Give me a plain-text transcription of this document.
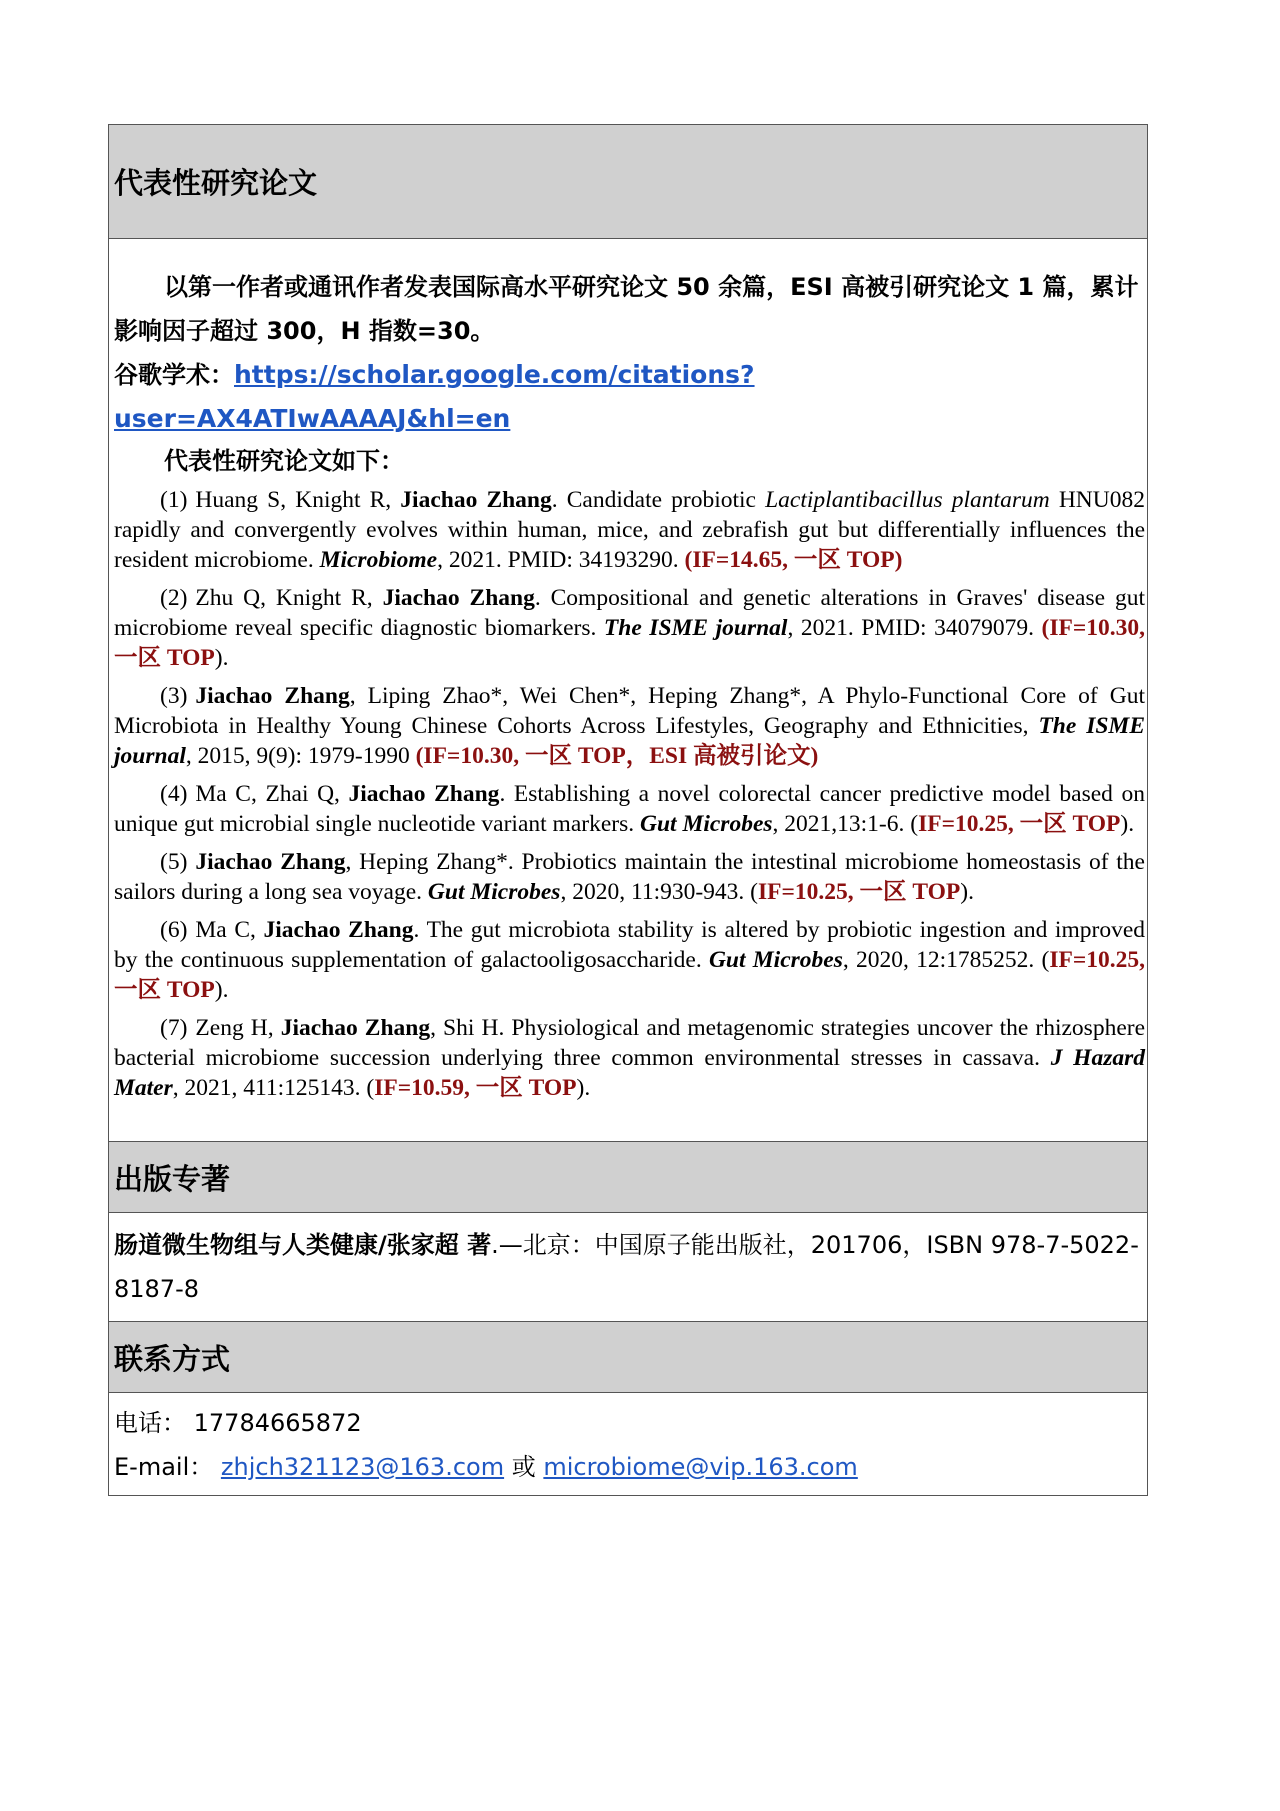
代表性研究论文

以第一作者或通讯作者发表国际高水平研究论文 50 余篇，ESI 高被引研究论文 1 篇，累计影响因子超过 300，H 指数=30。

谷歌学术：https://scholar.google.com/citations?user=AX4ATIwAAAAJ&hl=en

代表性研究论文如下：

(1) Huang S, Knight R, Jiachao Zhang. Candidate probiotic Lactiplantibacillus plantarum HNU082 rapidly and convergently evolves within human, mice, and zebrafish gut but differentially influences the resident microbiome. Microbiome, 2021. PMID: 34193290. (IF=14.65, 一区 TOP)

(2) Zhu Q, Knight R, Jiachao Zhang. Compositional and genetic alterations in Graves' disease gut microbiome reveal specific diagnostic biomarkers. The ISME journal, 2021. PMID: 34079079. (IF=10.30, 一区 TOP).

(3) Jiachao Zhang, Liping Zhao*, Wei Chen*, Heping Zhang*, A Phylo-Functional Core of Gut Microbiota in Healthy Young Chinese Cohorts Across Lifestyles, Geography and Ethnicities, The ISME journal, 2015, 9(9): 1979-1990 (IF=10.30, 一区 TOP，ESI 高被引论文)

(4) Ma C, Zhai Q, Jiachao Zhang. Establishing a novel colorectal cancer predictive model based on unique gut microbial single nucleotide variant markers. Gut Microbes, 2021,13:1-6. (IF=10.25, 一区 TOP).

(5) Jiachao Zhang, Heping Zhang*. Probiotics maintain the intestinal microbiome homeostasis of the sailors during a long sea voyage. Gut Microbes, 2020, 11:930-943. (IF=10.25, 一区 TOP).

(6) Ma C, Jiachao Zhang. The gut microbiota stability is altered by probiotic ingestion and improved by the continuous supplementation of galactooligosaccharide. Gut Microbes, 2020, 12:1785252. (IF=10.25, 一区 TOP).

(7) Zeng H, Jiachao Zhang, Shi H. Physiological and metagenomic strategies uncover the rhizosphere bacterial microbiome succession underlying three common environmental stresses in cassava. J Hazard Mater, 2021, 411:125143. (IF=10.59, 一区 TOP).

出版专著
肠道微生物组与人类健康/张家超 著.—北京：中国原子能出版社，201706，ISBN 978-7-5022-8187-8
联系方式
电话： 17784665872
E-mail： zhjch321123@163.com 或 microbiome@vip.163.com
